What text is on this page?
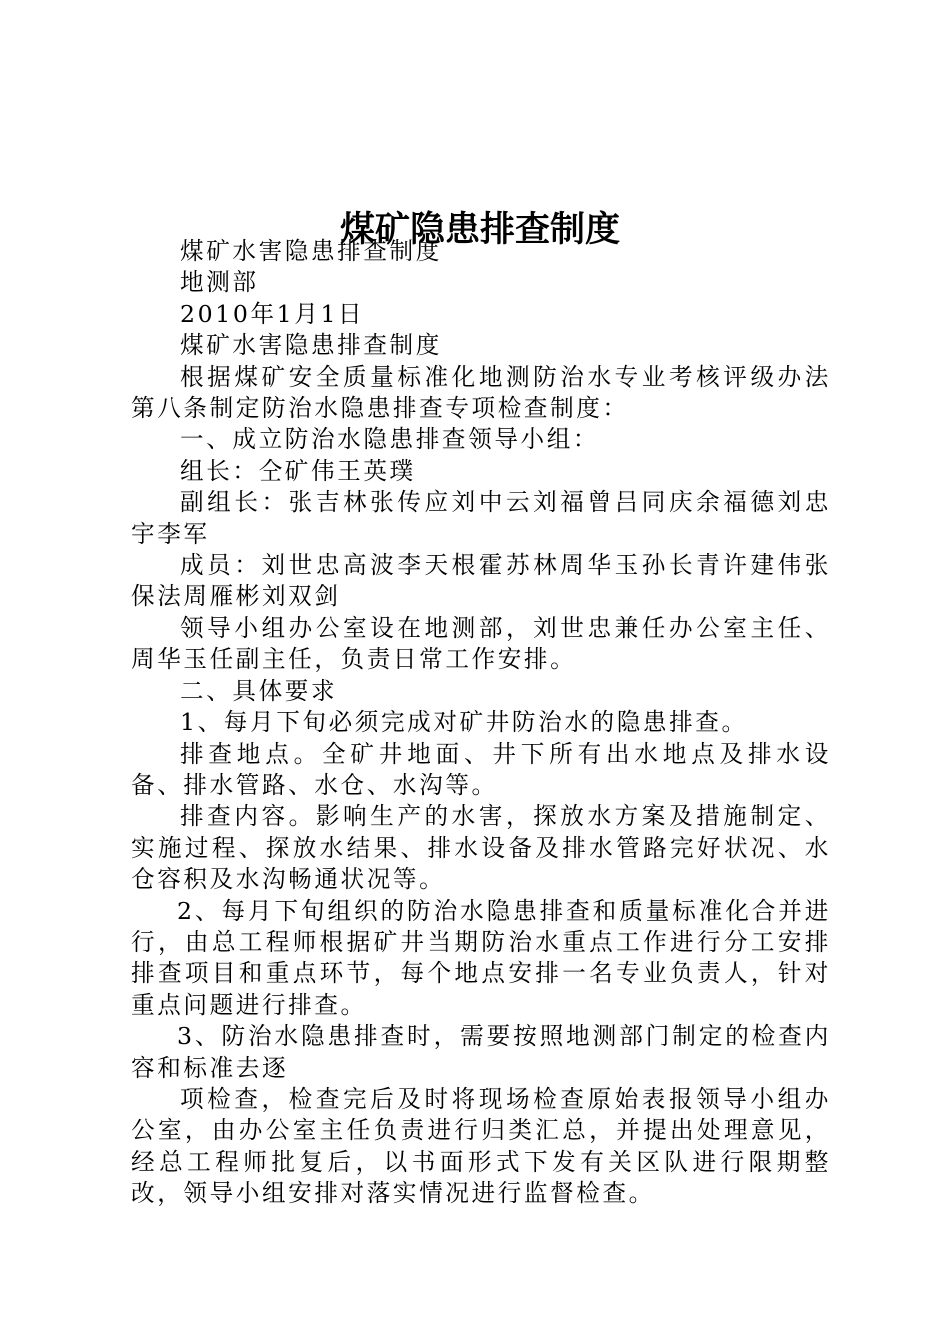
煤矿隐患排查制度

煤矿水害隐患排查制度

地测部

2010年1月1日

煤矿水害隐患排查制度

根据煤矿安全质量标准化地测防治水专业考核评级办法第八条制定防治水隐患排查专项检查制度：

一、成立防治水隐患排查领导小组：

组长：仝矿伟王英璞

副组长：张吉林张传应刘中云刘福曾吕同庆余福德刘忠宇李军

成员：刘世忠高波李天根霍苏林周华玉孙长青许建伟张保法周雁彬刘双剑

领导小组办公室设在地测部，刘世忠兼任办公室主任、周华玉任副主任，负责日常工作安排。

二、具体要求

1、每月下旬必须完成对矿井防治水的隐患排查。

排查地点。全矿井地面、井下所有出水地点及排水设备、排水管路、水仓、水沟等。

排查内容。影响生产的水害，探放水方案及措施制定、实施过程、探放水结果、排水设备及排水管路完好状况、水仓容积及水沟畅通状况等。

2、每月下旬组织的防治水隐患排查和质量标准化合并进行，由总工程师根据矿井当期防治水重点工作进行分工安排排查项目和重点环节，每个地点安排一名专业负责人，针对重点问题进行排查。

3、防治水隐患排查时，需要按照地测部门制定的检查内容和标准去逐

项检查，检查完后及时将现场检查原始表报领导小组办公室，由办公室主任负责进行归类汇总，并提出处理意见，经总工程师批复后，以书面形式下发有关区队进行限期整改，领导小组安排对落实情况进行监督检查。
